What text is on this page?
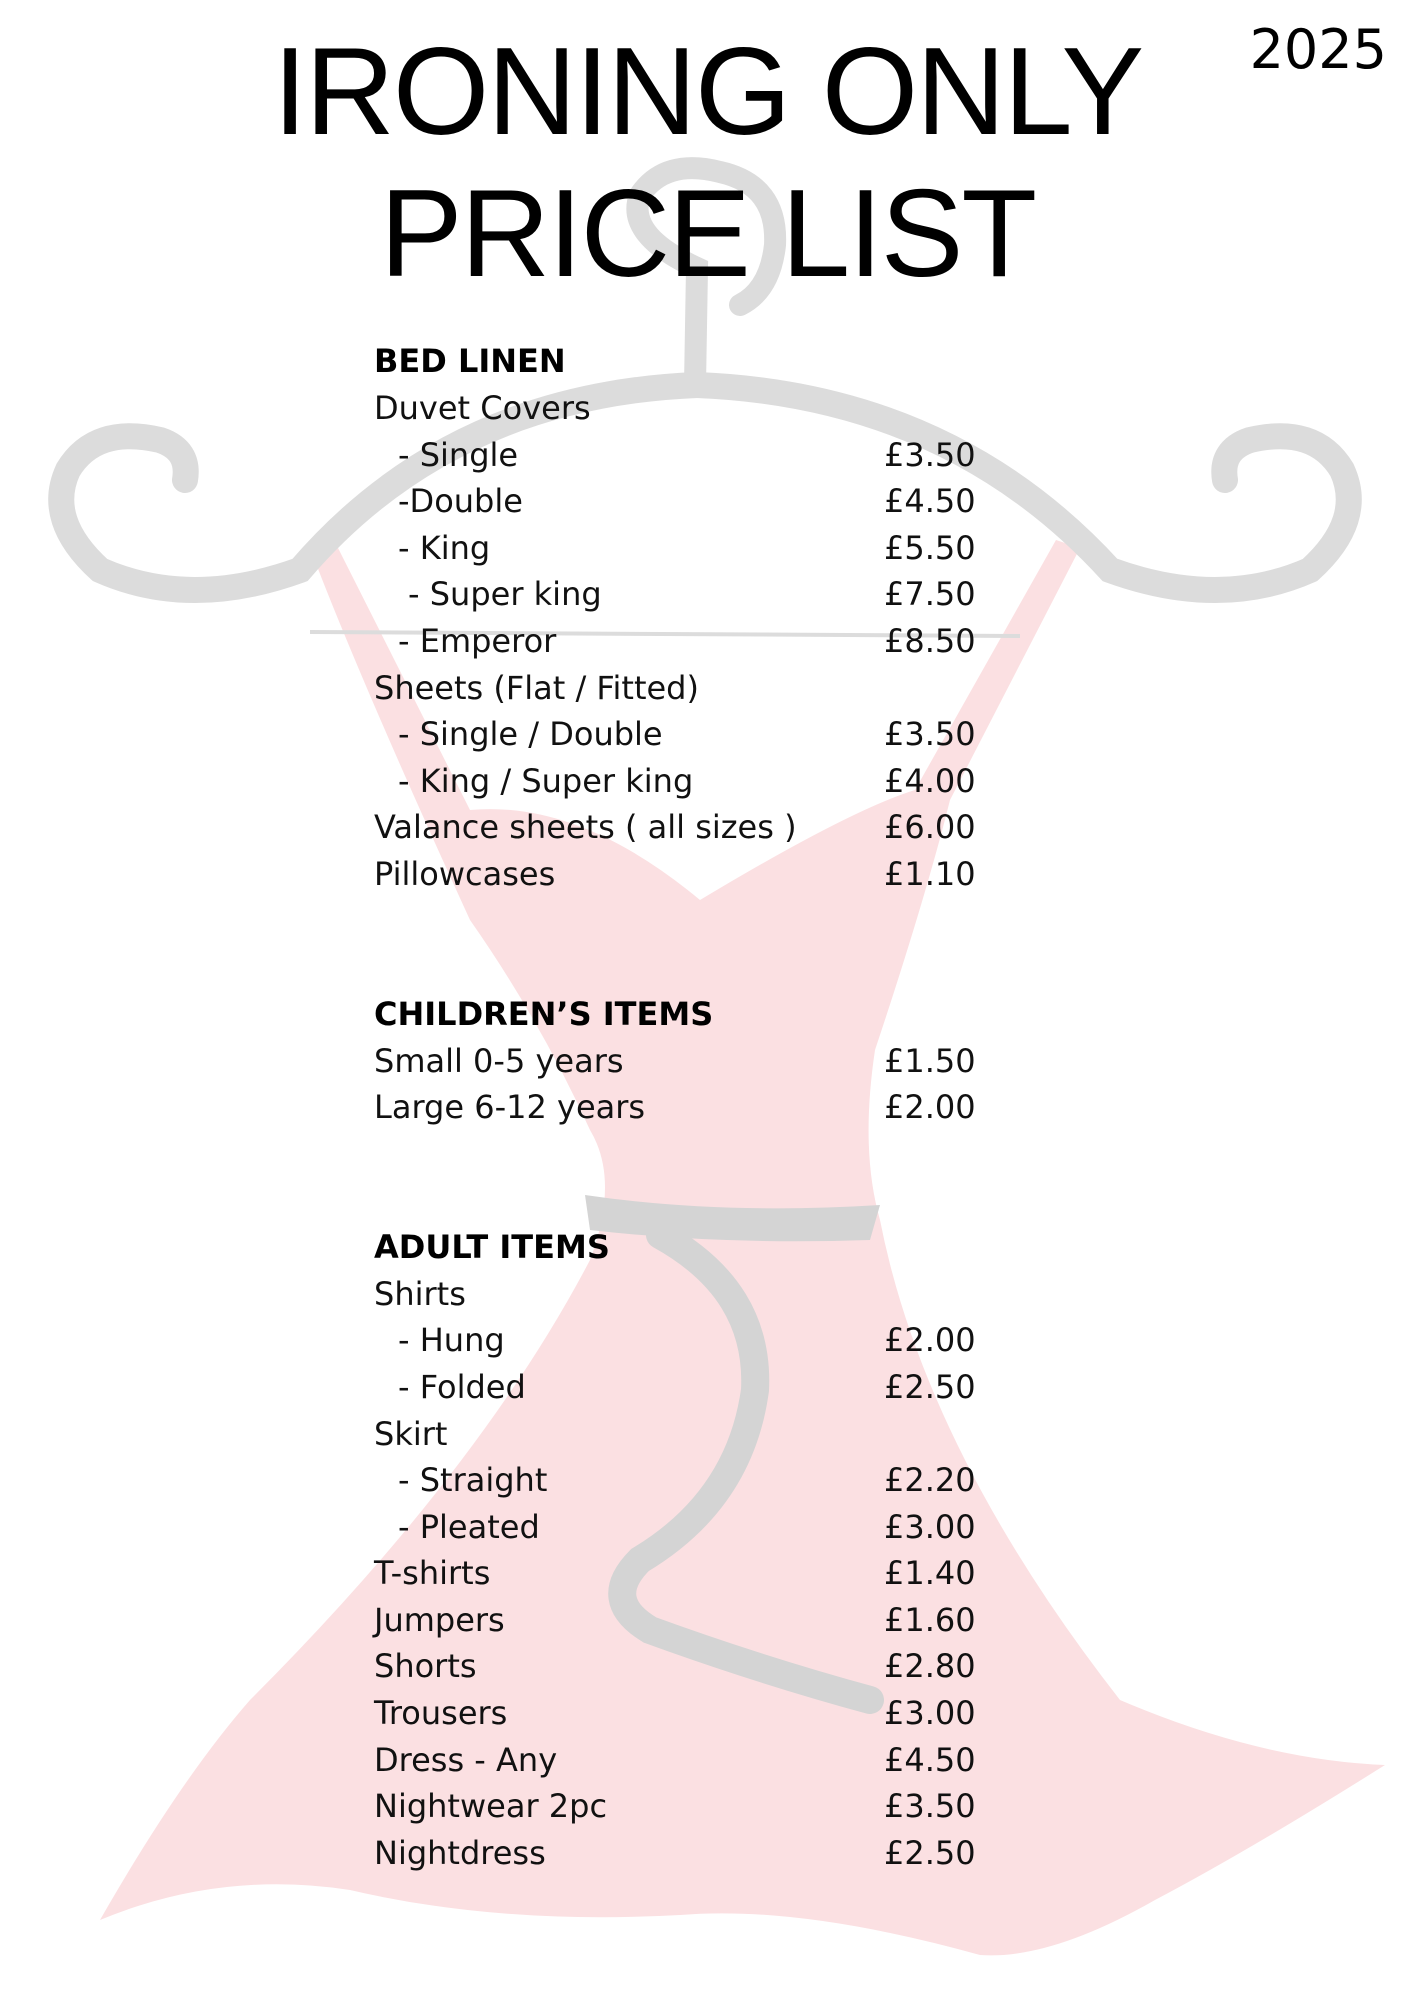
IRONING ONLY
PRICE LIST
2025
BED LINEN
Duvet Covers
- Single	£3.50
-Double	£4.50
- King	£5.50
- Super king	£7.50
- Emperor	£8.50
Sheets (Flat / Fitted)
- Single / Double	£3.50
- King / Super king	£4.00
Valance sheets ( all sizes )	£6.00
Pillowcases	£1.10
CHILDREN’S ITEMS
Small 0-5 years	£1.50
Large 6-12 years	£2.00
ADULT ITEMS
Shirts
- Hung	£2.00
- Folded	£2.50
Skirt
- Straight	£2.20
- Pleated	£3.00
T-shirts	£1.40
Jumpers	£1.60
Shorts	£2.80
Trousers	£3.00
Dress - Any	£4.50
Nightwear 2pc	£3.50
Nightdress	£2.50
